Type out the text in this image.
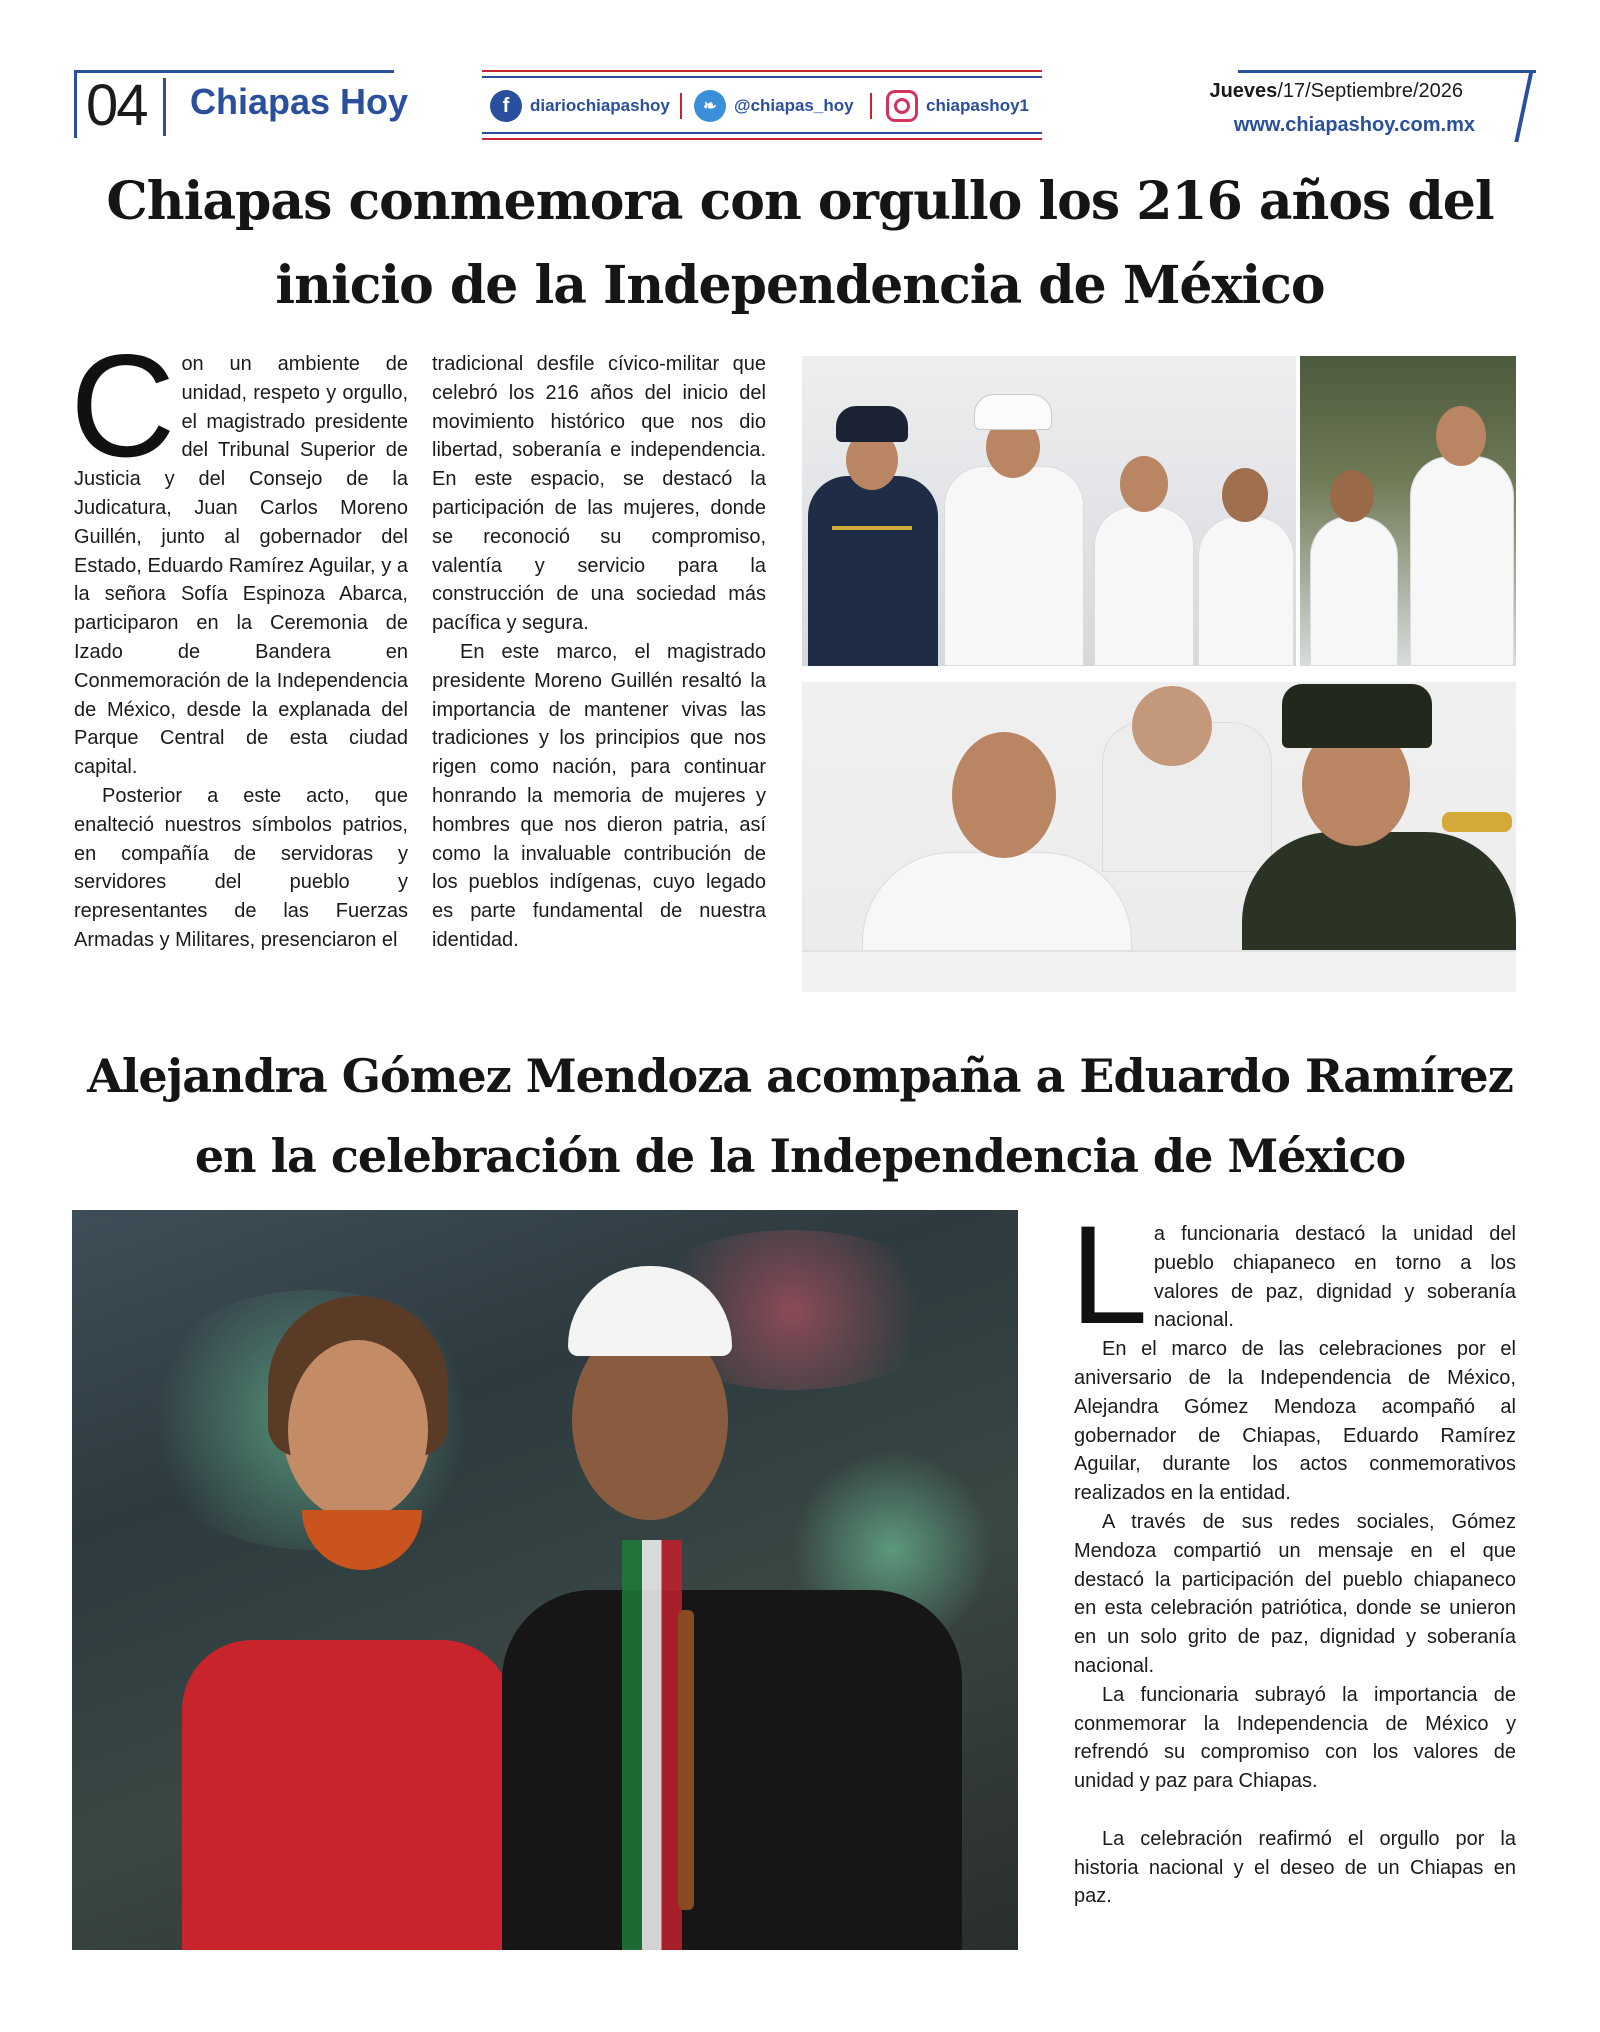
04	Chiapas Hoy	f	diariochiapashoy	❧	@chiapas_hoy	chiapashoy1
Jueves/17/Septiembre/2026
www.chiapashoy.com.mx
Chiapas conmemora con orgullo los 216 años del
inicio de la Independencia de México

Con un ambiente de unidad, respeto y orgullo, el magistrado presidente del Tribunal Superior de Justicia y del Consejo de la Judicatura, Juan Carlos Moreno Guillén, junto al gobernador del Estado, Eduardo Ramírez Aguilar, y a la señora Sofía Espinoza Abarca, participaron en la Ceremonia de Izado de Bandera en Conmemoración de la Independencia de México, desde la explanada del Parque Central de esta ciudad capital.

Posterior a este acto, que enalteció nuestros símbolos patrios, en compañía de servidoras y servidores del pueblo y representantes de las Fuerzas Armadas y Militares, presenciaron el

tradicional desfile cívico-militar que celebró los 216 años del inicio del movimiento histórico que nos dio libertad, soberanía e independencia. En este espacio, se destacó la participación de las mujeres, donde se reconoció su compromiso, valentía y servicio para la construcción de una sociedad más pacífica y segura.

En este marco, el magistrado presidente Moreno Guillén resaltó la importancia de mantener vivas las tradiciones y los principios que nos rigen como nación, para continuar honrando la memoria de mujeres y hombres que nos dieron patria, así como la invaluable contribución de los pueblos indígenas, cuyo legado es parte fundamental de nuestra identidad.

Alejandra Gómez Mendoza acompaña a Eduardo Ramírez
en la celebración de la Independencia de México

La funcionaria destacó la unidad del pueblo chiapaneco en torno a los valores de paz, dignidad y soberanía nacional.

En el marco de las celebraciones por el aniversario de la Independencia de México, Alejandra Gómez Mendoza acompañó al gobernador de Chiapas, Eduardo Ramírez Aguilar, durante los actos conmemorativos realizados en la entidad.

A través de sus redes sociales, Gómez Mendoza compartió un mensaje en el que destacó la participación del pueblo chiapaneco en esta celebración patriótica, donde se unieron en un solo grito de paz, dignidad y soberanía nacional.

La funcionaria subrayó la importancia de conmemorar la Independencia de México y refrendó su compromiso con los valores de unidad y paz para Chiapas.

La celebración reafirmó el orgullo por la historia nacional y el deseo de un Chiapas en paz.
